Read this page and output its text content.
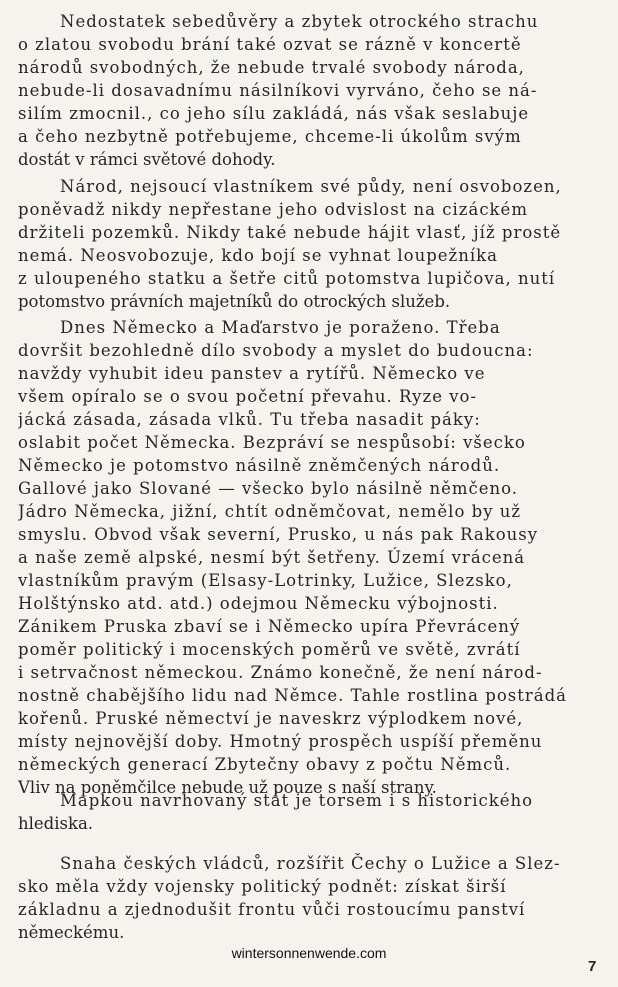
Nedostatek sebedůvěry a zbytek otrockého strachu
o zlatou svobodu brání také ozvat se rázně v koncertě
národů svobodných, že nebude trvalé svobody národa,
nebude-li dosavadnímu násilníkovi vyrváno, čeho se ná-
silím zmocnil., co jeho sílu zakládá, nás však seslabuje
a čeho nezbytně potřebujeme, chceme-li úkolům svým
dostát v rámci světové dohody.

Národ, nejsoucí vlastníkem své půdy, není osvobozen,
poněvadž nikdy nepřestane jeho odvislost na cizáckém
držiteli pozemků. Nikdy také nebude hájit vlasť, jíž prostě
nemá. Neosvobozuje, kdo bojí se vyhnat loupežníka
z uloupeného statku a šetře citů potomstva lupičova, nutí
potomstvo právních majetníků do otrockých služeb.

Dnes Německo a Maďarstvo je poraženo. Třeba
dovršit bezohledně dílo svobody a myslet do budoucna:
navždy vyhubit ideu panstev a rytířů. Německo ve
všem opíralo se o svou početní převahu. Ryze vo-
jácká zásada, zásada vlků. Tu třeba nasadit páky:
oslabit počet Německa. Bezpráví se nespůsobí: všecko
Německo je potomstvo násilně zněmčených národů.
Gallové jako Slované — všecko bylo násilně němčeno.
Jádro Německa, jižní, chtít odněmčovat, nemělo by už
smyslu. Obvod však severní, Prusko, u nás pak Rakousy
a naše země alpské, nesmí být šetřeny. Území vrácená
vlastníkům pravým (Elsasy-Lotrinky, Lužice, Slezsko,
Holštýnsko atd. atd.) odejmou Německu výbojnosti.
Zánikem Pruska zbaví se i Německo upíra Převrácený
poměr politický i mocenských poměrů ve světě, zvrátí
i setrvačnost německou. Známo konečně, že není národ-
nostně chabějšího lidu nad Němce. Tahle rostlina postrádá
kořenů. Pruské němectví je naveskrz výplodkem nové,
místy nejnovější doby. Hmotný prospěch uspíší přeměnu
německých generací Zbytečny obavy z počtu Němců.
Vliv na poněmčilce nebude už pouze s naší strany.

Mapkou navrhovaný stát je torsem i s historického
hlediska.

Snaha českých vládců, rozšířit Čechy o Lužice a Slez-
sko měla vždy vojensky politický podnět: získat širší
základnu a zjednodušit frontu vůči rostoucímu panství
německému.

wintersonnenwende.com
7
